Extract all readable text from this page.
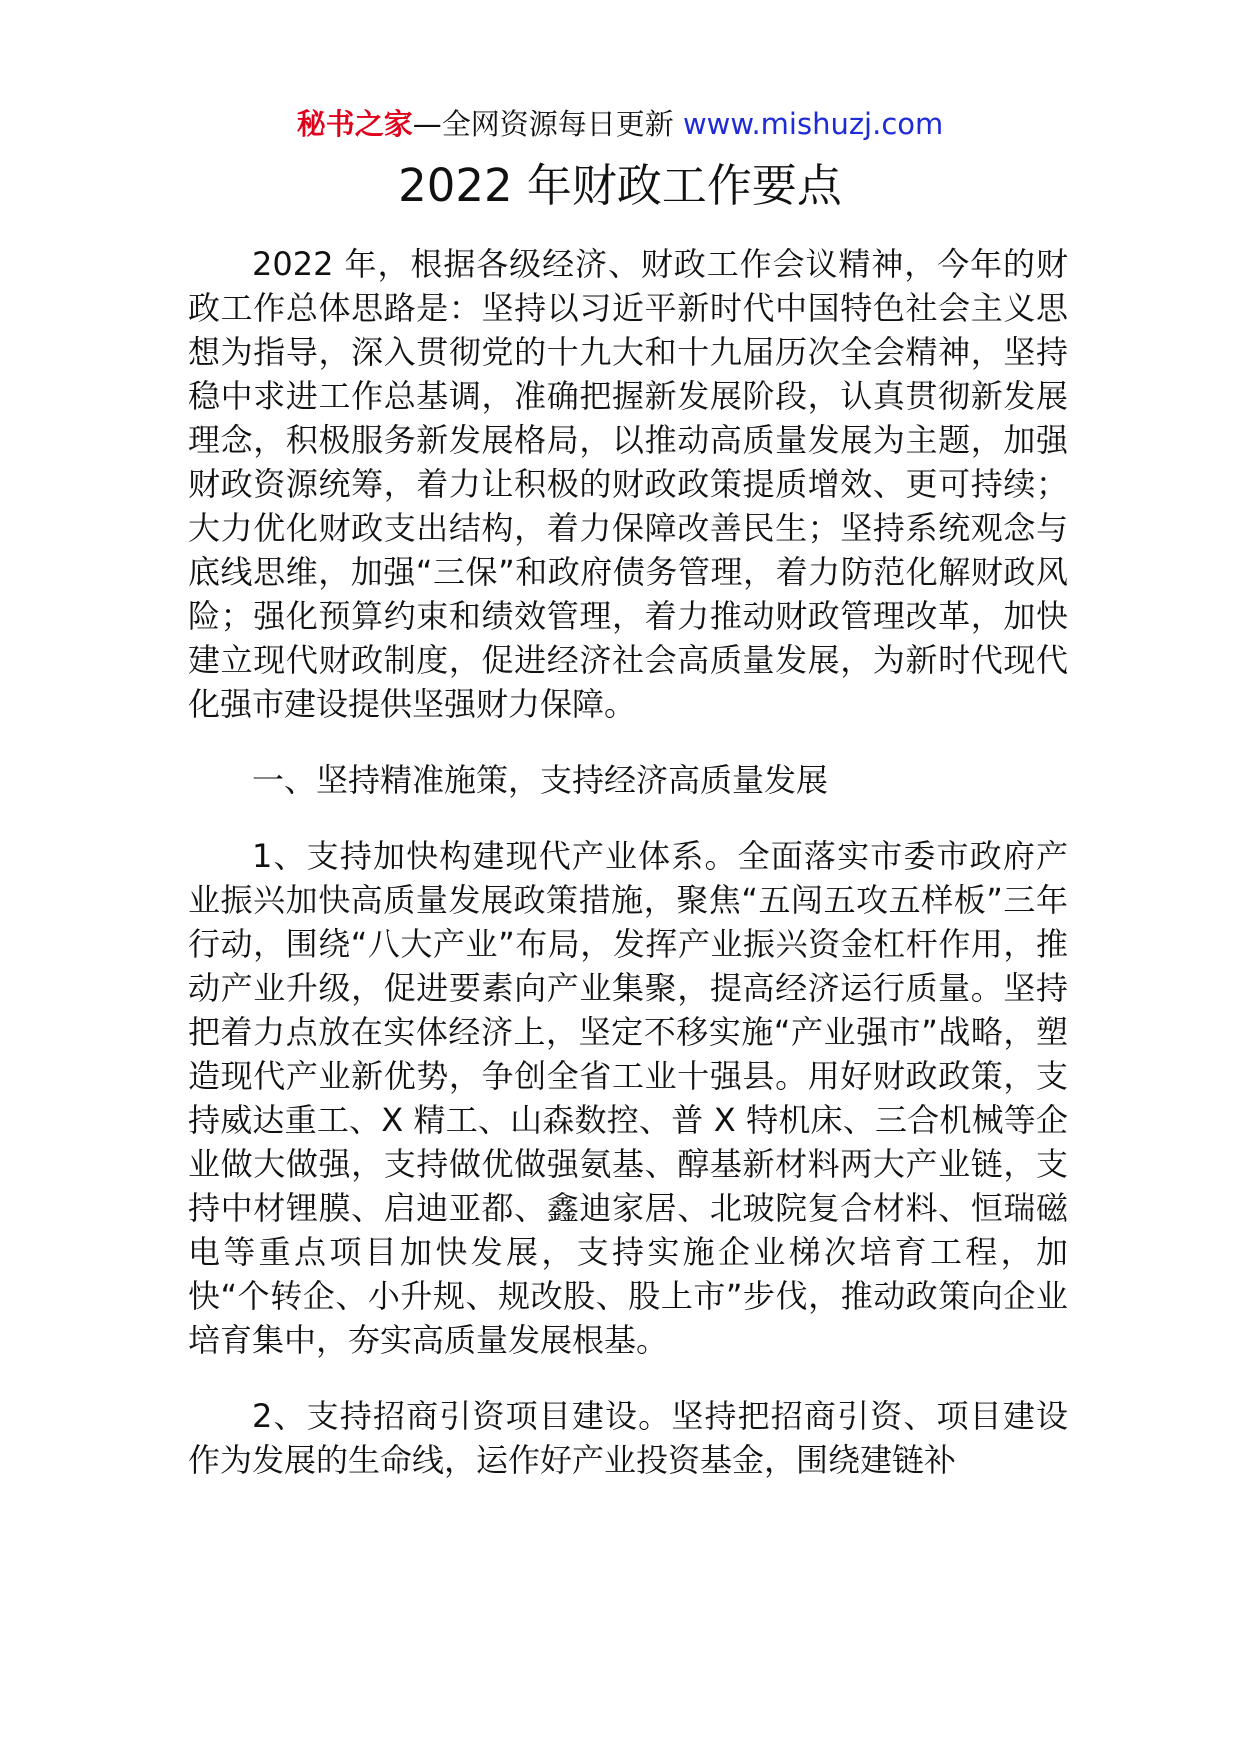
秘书之家—全网资源每日更新 www.mishuzj.com
2022 年财政工作要点

2022 年，根据各级经济、财政工作会议精神，今年的财政工作总体思路是：坚持以习近平新时代中国特色社会主义思想为指导，深入贯彻党的十九大和十九届历次全会精神，坚持稳中求进工作总基调，准确把握新发展阶段，认真贯彻新发展理念，积极服务新发展格局，以推动高质量发展为主题，加强财政资源统筹，着力让积极的财政政策提质增效、更可持续；大力优化财政支出结构，着力保障改善民生；坚持系统观念与底线思维，加强“三保”和政府债务管理，着力防范化解财政风险；强化预算约束和绩效管理，着力推动财政管理改革，加快建立现代财政制度，促进经济社会高质量发展，为新时代现代化强市建设提供坚强财力保障。

一、坚持精准施策，支持经济高质量发展

1、支持加快构建现代产业体系。全面落实市委市政府产业振兴加快高质量发展政策措施，聚焦“五闯五攻五样板”三年行动，围绕“八大产业”布局，发挥产业振兴资金杠杆作用，推动产业升级，促进要素向产业集聚，提高经济运行质量。坚持把着力点放在实体经济上，坚定不移实施“产业强市”战略，塑造现代产业新优势，争创全省工业十强县。用好财政政策，支持威达重工、X 精工、山森数控、普 X 特机床、三合机械等企业做大做强，支持做优做强氨基、醇基新材料两大产业链，支持中材锂膜、启迪亚都、鑫迪家居、北玻院复合材料、恒瑞磁电等重点项目加快发展，支持实施企业梯次培育工程，加快“个转企、小升规、规改股、股上市”步伐，推动政策向企业培育集中，夯实高质量发展根基。

2、支持招商引资项目建设。坚持把招商引资、项目建设作为发展的生命线，运作好产业投资基金，围绕建链补
